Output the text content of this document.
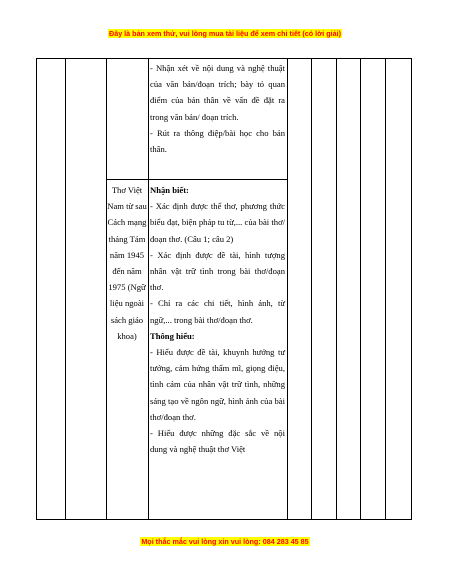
Đây là bản xem thử, vui lòng mua tài liệu để xem chi tiết (có lời giải)

- Nhận xét về nội dung và nghệ thuật của văn bản/đoạn trích; bày tỏ quan điểm của bản thân về vấn đề đặt ra trong văn bản/ đoạn trích.

- Rút ra thông điệp/bài học cho bản thân.

Thơ Việt Nam từ sau Cách mạng tháng Tám năm 1945 đến năm 1975 (Ngữ liệu ngoài sách giáo khoa)

Nhận biết:

- Xác định được thể thơ, phương thức biểu đạt, biện pháp tu từ,... của bài thơ/đoạn thơ. (Câu 1; câu 2)

- Xác định được đề tài, hình tượng nhân vật trữ tình trong bài thơ/đoạn thơ.

- Chỉ ra các chi tiết, hình ảnh, từ ngữ,... trong bài thơ/đoạn thơ.

Thông hiểu:

- Hiểu được đề tài, khuynh hướng tư tưởng, cảm hứng thẩm mĩ, giọng điệu, tình cảm của nhân vật trữ tình, những sáng tạo về ngôn ngữ, hình ảnh của bài thơ/đoạn thơ.

- Hiểu được những đặc sắc về nội dung và nghệ thuật thơ Việt

Mọi thắc mắc vui lòng xin vui lòng: 084 283 45 85
